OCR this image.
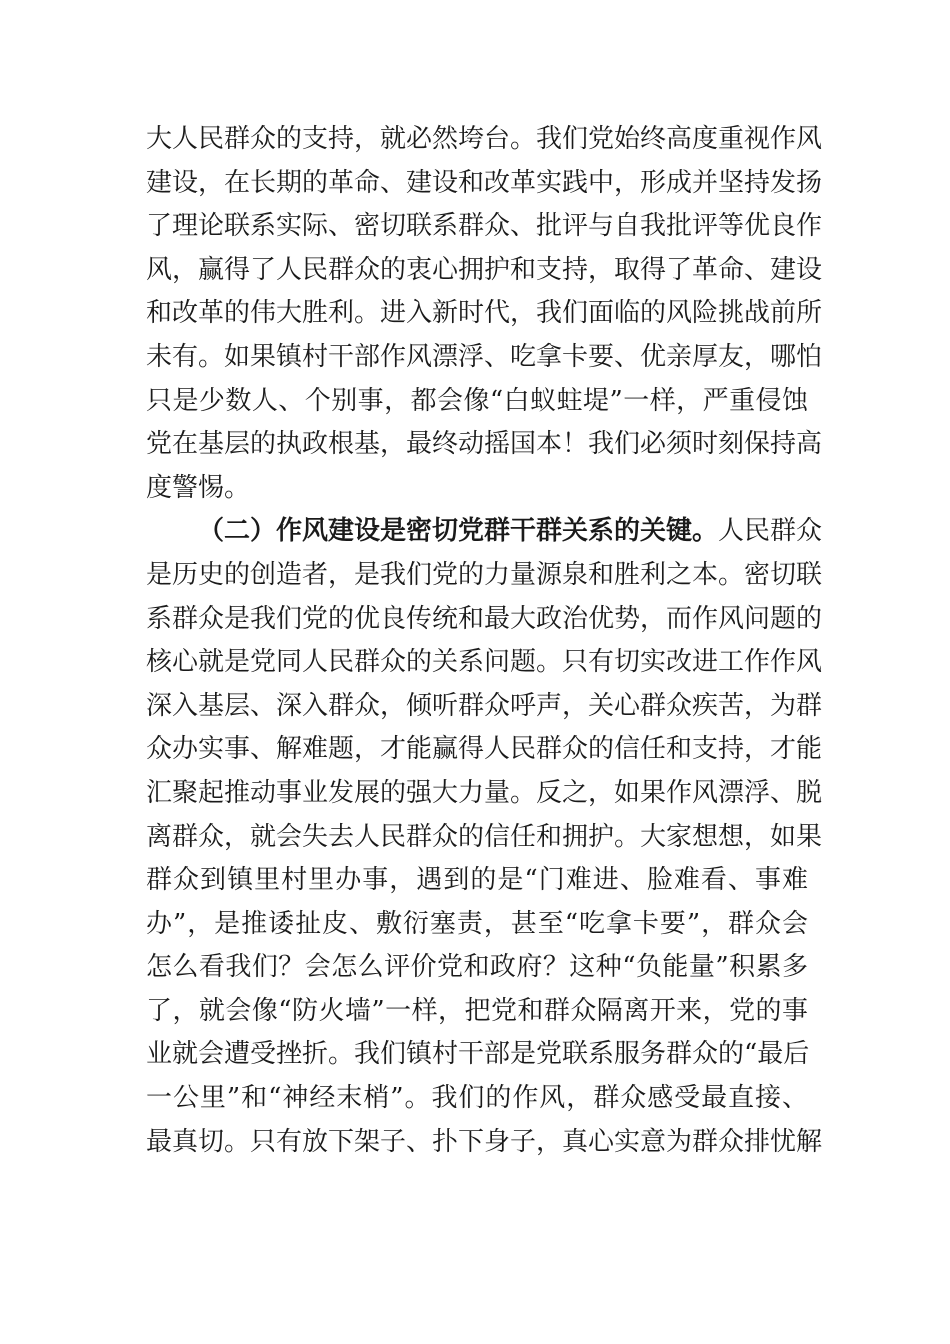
大人民群众的支持，就必然垮台。我们党始终高度重视作风
建设，在长期的革命、建设和改革实践中，形成并坚持发扬
了理论联系实际、密切联系群众、批评与自我批评等优良作
风，赢得了人民群众的衷心拥护和支持，取得了革命、建设
和改革的伟大胜利。进入新时代，我们面临的风险挑战前所
未有。如果镇村干部作风漂浮、吃拿卡要、优亲厚友，哪怕
只是少数人、个别事，都会像“白蚁蛀堤”一样，严重侵蚀
党在基层的执政根基，最终动摇国本！我们必须时刻保持高
度警惕。
（二）作风建设是密切党群干群关系的关键。人民群众
是历史的创造者，是我们党的力量源泉和胜利之本。密切联
系群众是我们党的优良传统和最大政治优势，而作风问题的
核心就是党同人民群众的关系问题。只有切实改进工作作风
深入基层、深入群众，倾听群众呼声，关心群众疾苦，为群
众办实事、解难题，才能赢得人民群众的信任和支持，才能
汇聚起推动事业发展的强大力量。反之，如果作风漂浮、脱
离群众，就会失去人民群众的信任和拥护。大家想想，如果
群众到镇里村里办事，遇到的是“门难进、脸难看、事难
办”，是推诿扯皮、敷衍塞责，甚至“吃拿卡要”，群众会
怎么看我们？会怎么评价党和政府？这种“负能量”积累多
了，就会像“防火墙”一样，把党和群众隔离开来，党的事
业就会遭受挫折。我们镇村干部是党联系服务群众的“最后
一公里”和“神经末梢”。我们的作风，群众感受最直接、
最真切。只有放下架子、扑下身子，真心实意为群众排忧解
